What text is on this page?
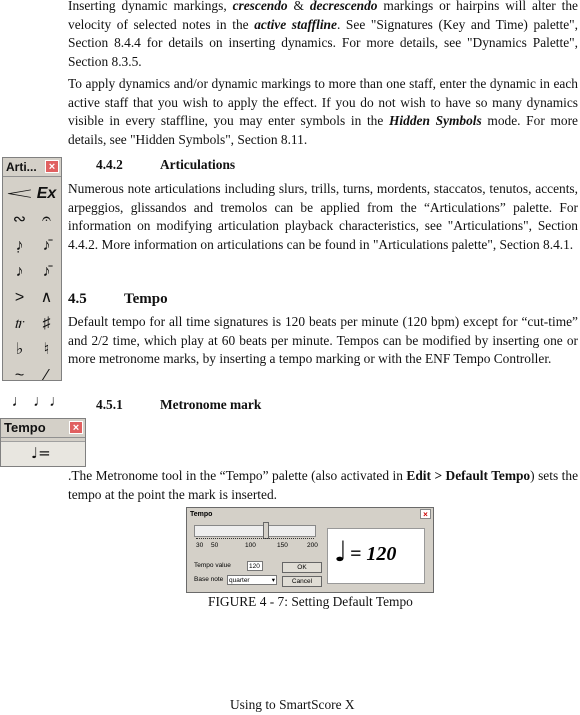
Inserting dynamic markings, crescendo & decrescendo markings or hairpins will alter the velocity of selected notes in the active staffline. See "Signatures (Key and Time) palette", Section 8.4.4 for details on inserting dynamics. For more details, see "Dynamics Palette", Section 8.3.5.

To apply dynamics and/or dynamic markings to more than one staff, enter the dynamic in each active staff that you wish to apply the effect. If you do not wish to have so many dynamics visible in every staffline, you may enter symbols in the Hidden Symbols mode. For more details, see "Hidden Symbols", Section 8.11.

Arti...	×
𝆒 Ex
∾ 𝄐
♪̣	♪̄
♪	♪̄
>	∧
𝆖	♯
♭	♮
~	⁄
♩ ♩♩
4.4.2	Articulations

Numerous note articulations including slurs, trills, turns, mordents, staccatos, tenutos, accents, arpeggios, glissandos and tremolos can be applied from the “Articulations” palette. For information on modifying articulation playback characteristics, see "Articulations", Section 4.4.2. More information on articulations can be found in "Articulations palette", Section 8.4.1.

4.5 Tempo

Default tempo for all time signatures is 120 beats per minute (120 bpm) except for “cut-time” and 2/2 time, which play at 60 beats per minute. Tempos can be modified by inserting one or more metronome marks, by inserting a tempo marking or with the ENF Tempo Controller.

Tempo	×
♩=
4.5.1	Metronome mark

.The Metronome tool in the “Tempo” palette (also activated in Edit > Default Tempo) sets the tempo at the point the mark is inserted.

Tempo	×
30 50	100	150	200
Tempo value	120
Base note quarter	▾
OK
Cancel
♩ = 120
FIGURE 4 - 7: Setting Default Tempo
Using to SmartScore X
